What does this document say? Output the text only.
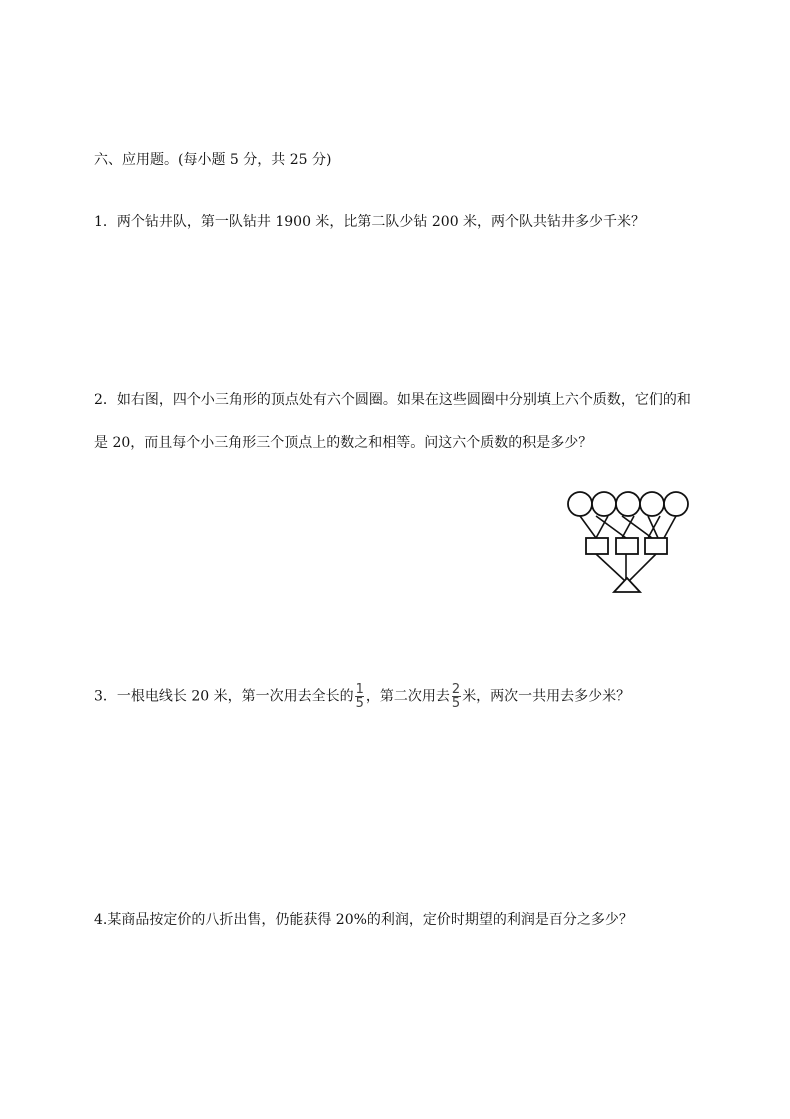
六、应用题。(每小题 5 分，共 25 分)
1．两个钻井队，第一队钻井 1900 米，比第二队少钻 200 米，两个队共钻井多少千米？
2．如右图，四个小三角形的顶点处有六个圆圈。如果在这些圆圈中分别填上六个质数，它们的和
是 20，而且每个小三角形三个顶点上的数之和相等。问这六个质数的积是多少？
3．一根电线长 20 米，第一次用去全长的 $\frac{1}{5}$ ，第二次用去 $\frac{2}{5}$ 米，两次一共用去多少米？
4.某商品按定价的八折出售，仍能获得 20%的利润，定价时期望的利润是百分之多少？
